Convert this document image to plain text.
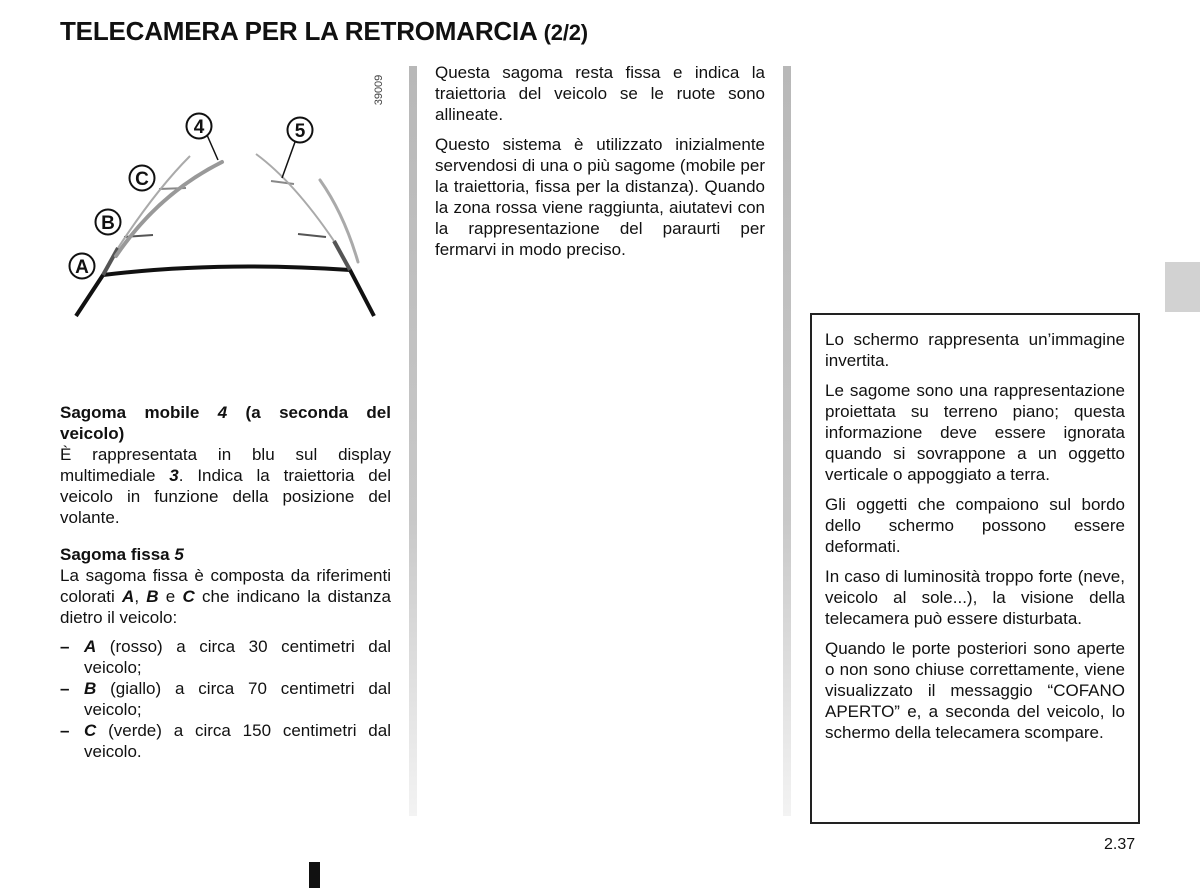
TELECAMERA PER LA RETROMARCIA (2/2)
4	5
C
B
A
39009

Sagoma mobile 4 (a seconda del veicolo)
È rappresentata in blu sul display multimediale 3. Indica la traiettoria del veicolo in funzione della posizione del volante.

Sagoma fissa 5
La sagoma fissa è composta da riferimenti colorati A, B e C che indicano la distanza dietro il veicolo:

– A (rosso) a circa 30 centimetri dal veicolo;
– B (giallo) a circa 70 centimetri dal veicolo;
– C (verde) a circa 150 centimetri dal veicolo.

Questa sagoma resta fissa e indica la traiettoria del veicolo se le ruote sono allineate.

Questo sistema è utilizzato inizialmente servendosi di una o più sagome (mobile per la traiettoria, fissa per la distanza). Quando la zona rossa viene raggiunta, aiutatevi con la rappresentazione del paraurti per fermarvi in modo preciso.

Lo schermo rappresenta un’immagine invertita.

Le sagome sono una rappresentazione proiettata su terreno piano; questa informazione deve essere ignorata quando si sovrappone a un oggetto verticale o appoggiato a terra.

Gli oggetti che compaiono sul bordo dello schermo possono essere deformati.

In caso di luminosità troppo forte (neve, veicolo al sole...), la visione della telecamera può essere disturbata.

Quando le porte posteriori sono aperte o non sono chiuse correttamente, viene visualizzato il messaggio “COFANO APERTO” e, a seconda del veicolo, lo schermo della telecamera scompare.

2.37
